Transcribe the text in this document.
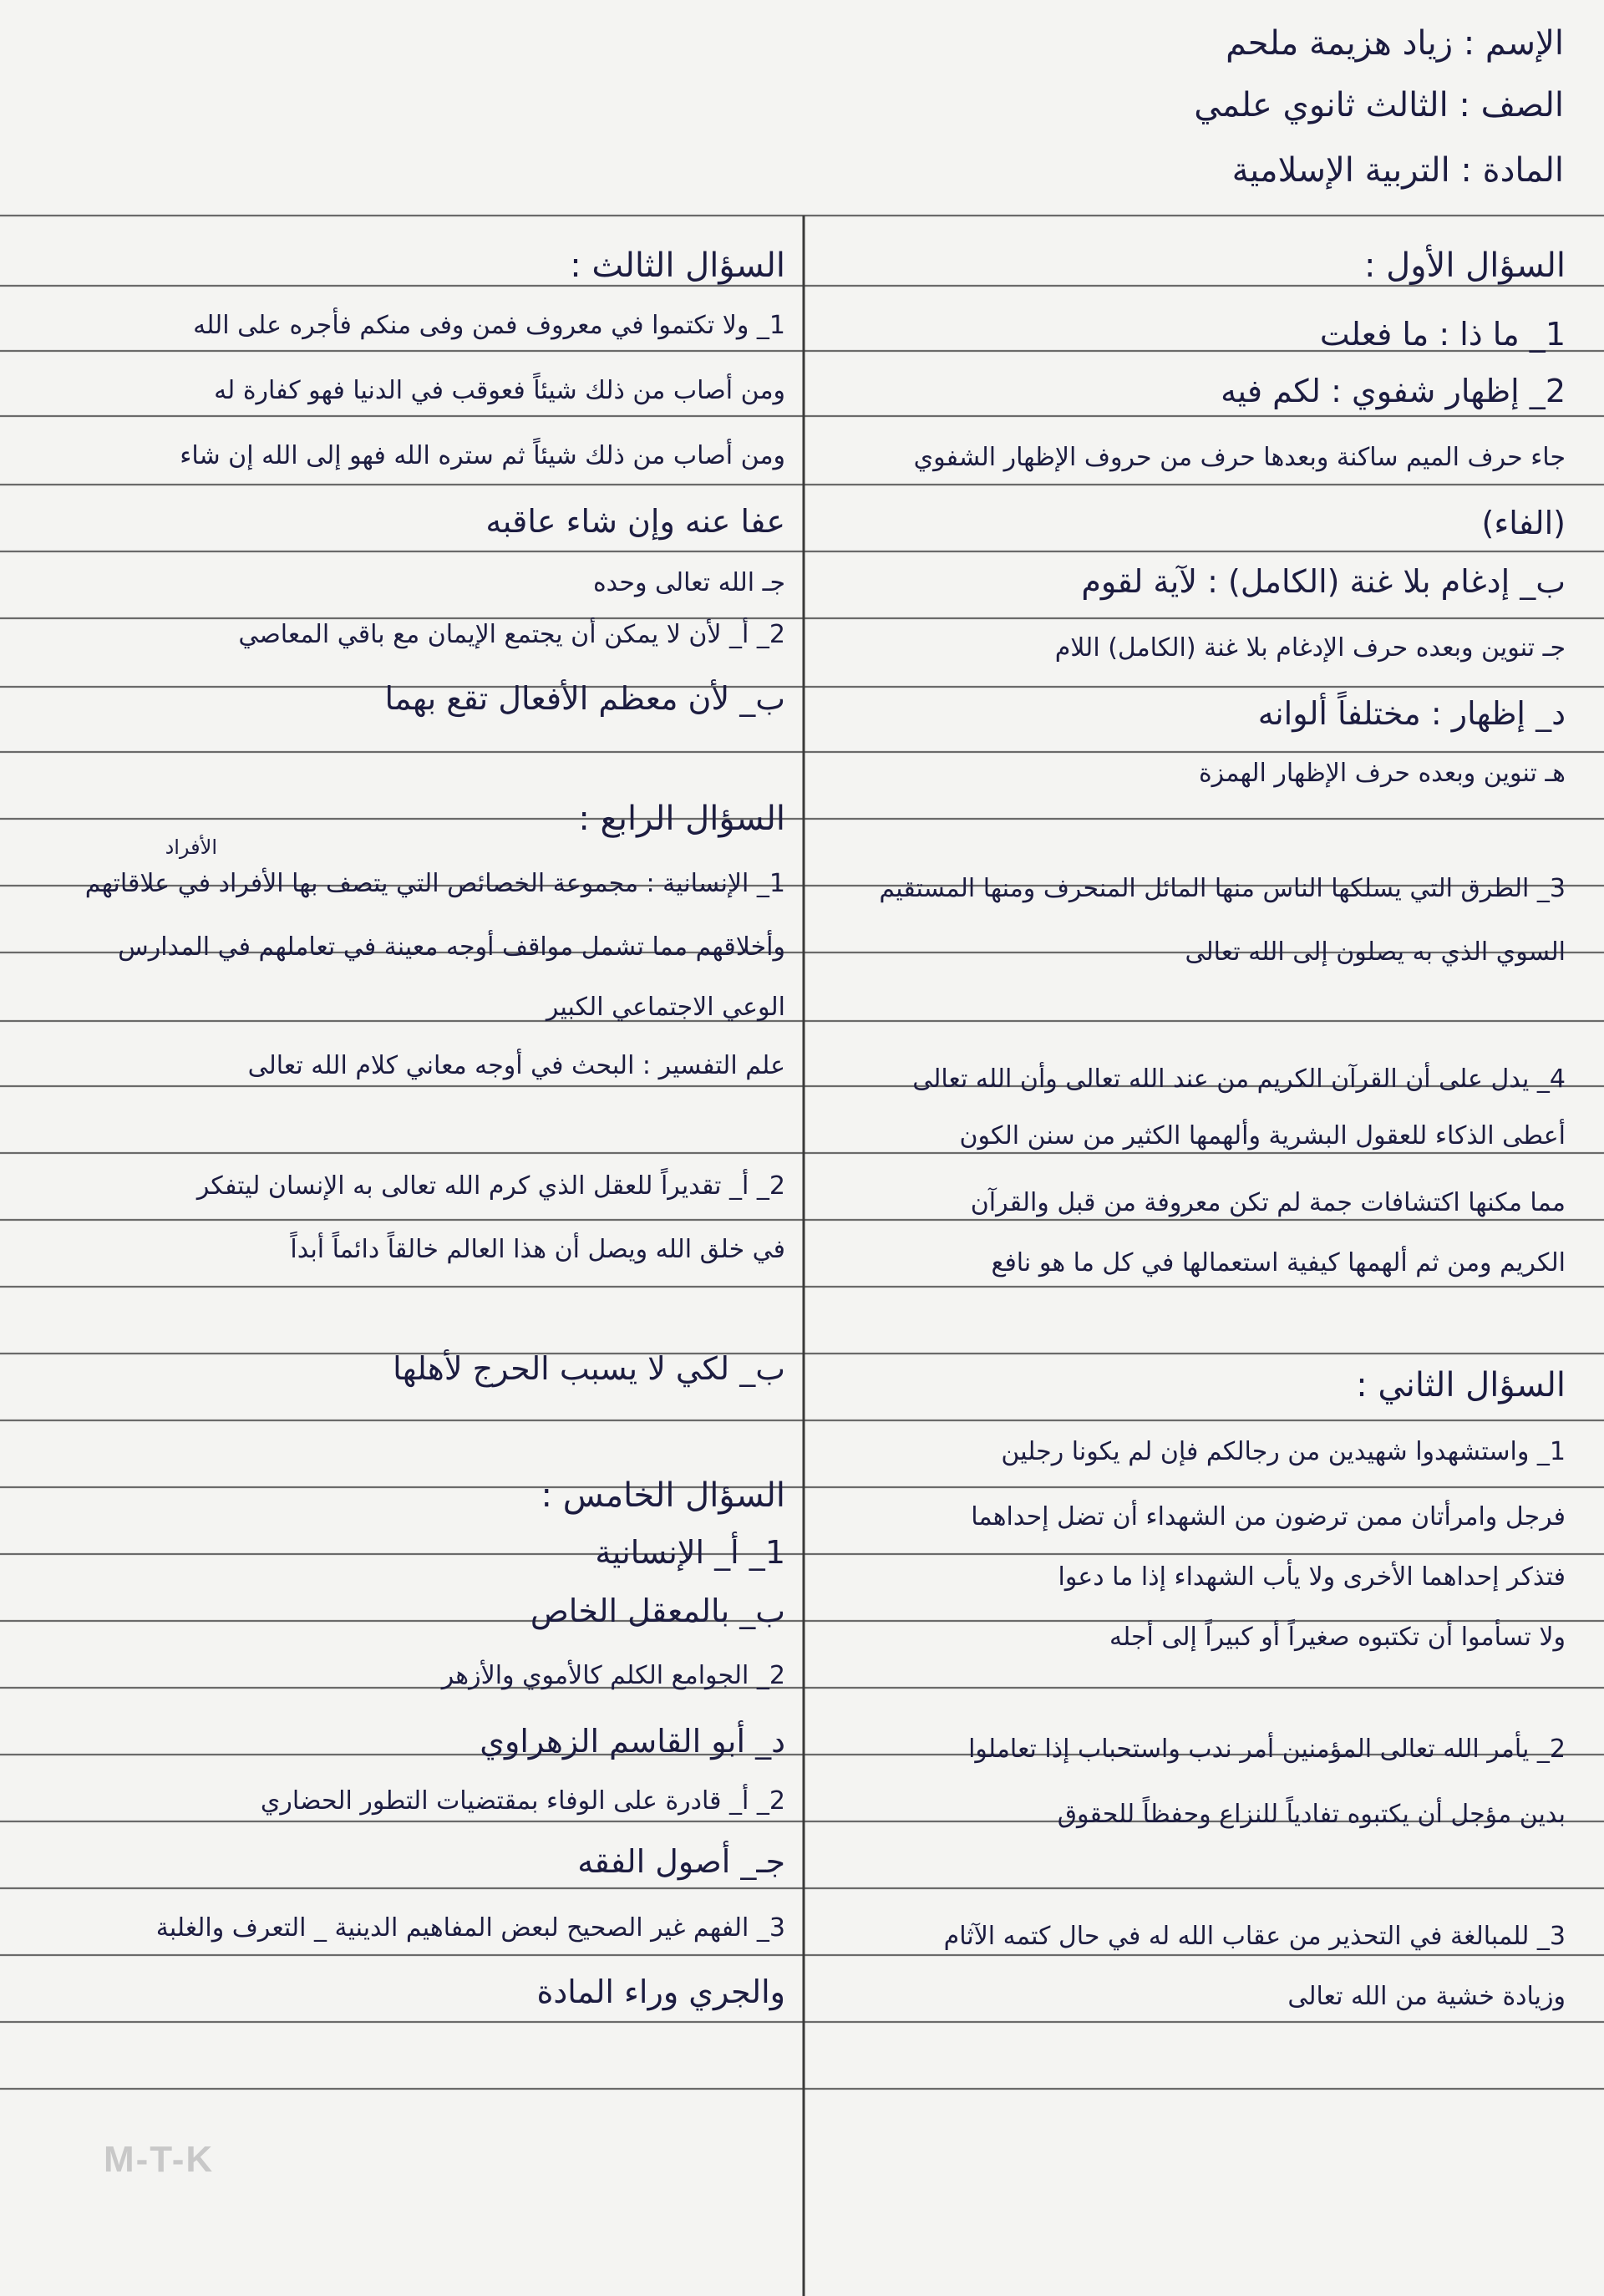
الإسم : زياد هزيمة ملحم
الصف : الثالث ثانوي علمي
المادة : التربية الإسلامية
السؤال الأول :
1_ ما ذا : ما فعلت
2_ إظهار شفوي : لكم فيه
جاء حرف الميم ساكنة وبعدها حرف من حروف الإظهار الشفوي
(الفاء)
ب_ إدغام بلا غنة (الكامل) : لآية لقوم
جـ تنوين وبعده حرف الإدغام بلا غنة (الكامل) اللام
د_ إظهار : مختلفاً ألوانه
هـ تنوين وبعده حرف الإظهار الهمزة
3_ الطرق التي يسلكها الناس منها المائل المنحرف ومنها المستقيم
السوي الذي به يصلون إلى الله تعالى
4_ يدل على أن القرآن الكريم من عند الله تعالى وأن الله تعالى
أعطى الذكاء للعقول البشرية وألهمها الكثير من سنن الكون
مما مكنها اكتشافات جمة لم تكن معروفة من قبل والقرآن
الكريم ومن ثم ألهمها كيفية استعمالها في كل ما هو نافع
السؤال الثاني :
1_ واستشهدوا شهيدين من رجالكم فإن لم يكونا رجلين
فرجل وامرأتان ممن ترضون من الشهداء أن تضل إحداهما
فتذكر إحداهما الأخرى ولا يأب الشهداء إذا ما دعوا
ولا تسأموا أن تكتبوه صغيراً أو كبيراً إلى أجله
2_ يأمر الله تعالى المؤمنين أمر ندب واستحباب إذا تعاملوا
بدين مؤجل أن يكتبوه تفادياً للنزاع وحفظاً للحقوق
3_ للمبالغة في التحذير من عقاب الله له في حال كتمه الآثام
وزيادة خشية من الله تعالى
السؤال الثالث :
1_ ولا تكتموا في معروف فمن وفى منكم فأجره على الله
ومن أصاب من ذلك شيئاً فعوقب في الدنيا فهو كفارة له
ومن أصاب من ذلك شيئاً ثم ستره الله فهو إلى الله إن شاء
عفا عنه وإن شاء عاقبه
جـ الله تعالى وحده
2_ أ_ لأن لا يمكن أن يجتمع الإيمان مع باقي المعاصي
ب_ لأن معظم الأفعال تقع بهما
السؤال الرابع :
الأفراد
1_ الإنسانية : مجموعة الخصائص التي يتصف بها الأفراد في علاقاتهم
وأخلاقهم مما تشمل مواقف أوجه معينة في تعاملهم في المدارس
الوعي الاجتماعي الكبير
علم التفسير : البحث في أوجه معاني كلام الله تعالى
2_ أ_ تقديراً للعقل الذي كرم الله تعالى به الإنسان ليتفكر
في خلق الله ويصل أن هذا العالم خالقاً دائماً أبداً
ب_ لكي لا يسبب الحرج لأهلها
السؤال الخامس :
1_ أ_ الإنسانية
ب_ بالمعقل الخاص
2_ الجوامع الكلم كالأموي والأزهر
د_ أبو القاسم الزهراوي
2_ أ_ قادرة على الوفاء بمقتضيات التطور الحضاري
جـ_ أصول الفقه
3_ الفهم غير الصحيح لبعض المفاهيم الدينية _ التعرف والغلبة
والجري وراء المادة
M-T-K
